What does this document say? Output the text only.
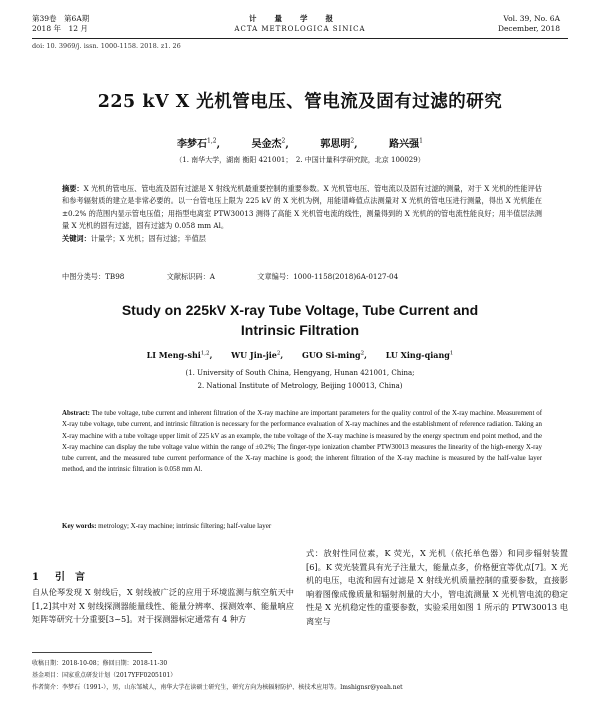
第39卷　第6A期
2018 年　12 月
计量学报
ACTA METROLOGICA SINICA
Vol. 39, No. 6A
December, 2018
doi: 10. 3969/j. issn. 1000-1158. 2018. z1. 26
225 kV X 光机管电压、管电流及固有过滤的研究
李梦石$^{1,2}$,	吴金杰$^2$,	郭思明$^2$,	路兴强$^1$
（1. 南华大学，湖南 衡阳 421001；　2. 中国计量科学研究院，北京 100029）
摘要：X 光机的管电压、管电流及固有过滤是 X 射线光机最重要控制的重要参数。X 光机管电压、管电流以及固有过滤的测量，对于 X 光机的性能评估和参考辐射质的建立是非常必要的。以一台管电压上限为 225 kV 的 X 光机为例，用能谱峰值点法测量对 X 光机的管电压进行测量，得出 X 光机能在 ±0.2% 的范围内显示管电压值；用指型电离室 PTW30013 测得了高能 X 光机管电流的线性，测量得到的 X 光机的的管电流性能良好；用半值层法测量 X 光机的固有过滤，固有过滤为 0.058 mm Al。
关键词：计量学；X 光机；固有过滤；半值层
中图分类号：TB98	文献标识码：A	文章编号：1000-1158(2018)6A-0127-04
Study on 225kV X-ray Tube Voltage, Tube Current and
Intrinsic Filtration
LI Meng-shi$^{1,2}$, WU Jin-jie$^2$, GUO Si-ming$^2$, LU Xing-qiang$^1$
(1. University of South China, Hengyang, Hunan 421001, China;
2. National Institute of Metrology, Beijing 100013, China)
Abstract: The tube voltage, tube current and inherent filtration of the X-ray machine are important parameters for the quality control of the X-ray machine. Measurement of X-ray tube voltage, tube current, and intrinsic filtration is necessary for the performance evaluation of X-ray machines and the establishment of reference radiation. Taking an X-ray machine with a tube voltage upper limit of 225 kV as an example, the tube voltage of the X-ray machine is measured by the energy spectrum end point method, and the X-ray machine can display the tube voltage value within the range of ±0.2%; The finger-type ionization chamber PTW30013 measures the linearity of the high-energy X-ray tube current, and the measured tube current performance of the X-ray machine is good; the inherent filtration of the X-ray machine is measured by the half-value layer method, and the intrinsic filtration is 0.058 mm Al.
Key words: metrology; X-ray machine; intrinsic filtering; half-value layer
1 引　言
自从伦琴发现 X 射线后，X 射线被广泛的应用于环境监测与航空航天中[1,2]其中对 X 射线探测器能量线性、能量分辨率、探测效率、能量响应矩阵等研究十分重要[3~5]。对于探测器标定通常有 4 种方
式：放射性同位素，K 荧光，X 光机（依托单色器）和同步辐射装置[6]。K 荧光装置具有光子注量大，能量点多，价格便宜等优点[7]。X 光机的电压，电流和固有过滤是 X 射线光机质量控制的重要参数，直接影响着图像成像质量和辐射剂量的大小，管电流测量 X 光机管电流的稳定性是 X 光机稳定性的重要参数，实验采用如图 1 所示的 PTW30013 电离室与
收稿日期：2018-10-08；修回日期：2018-11-30
基金项目：国家重点研发计划（2017YFF0205101）
作者简介：李梦石（1991-），男，山东邹城人，南华大学在读硕士研究生，研究方向为核辐射防护、核技术应用等。lmshignsr@yeah.net
